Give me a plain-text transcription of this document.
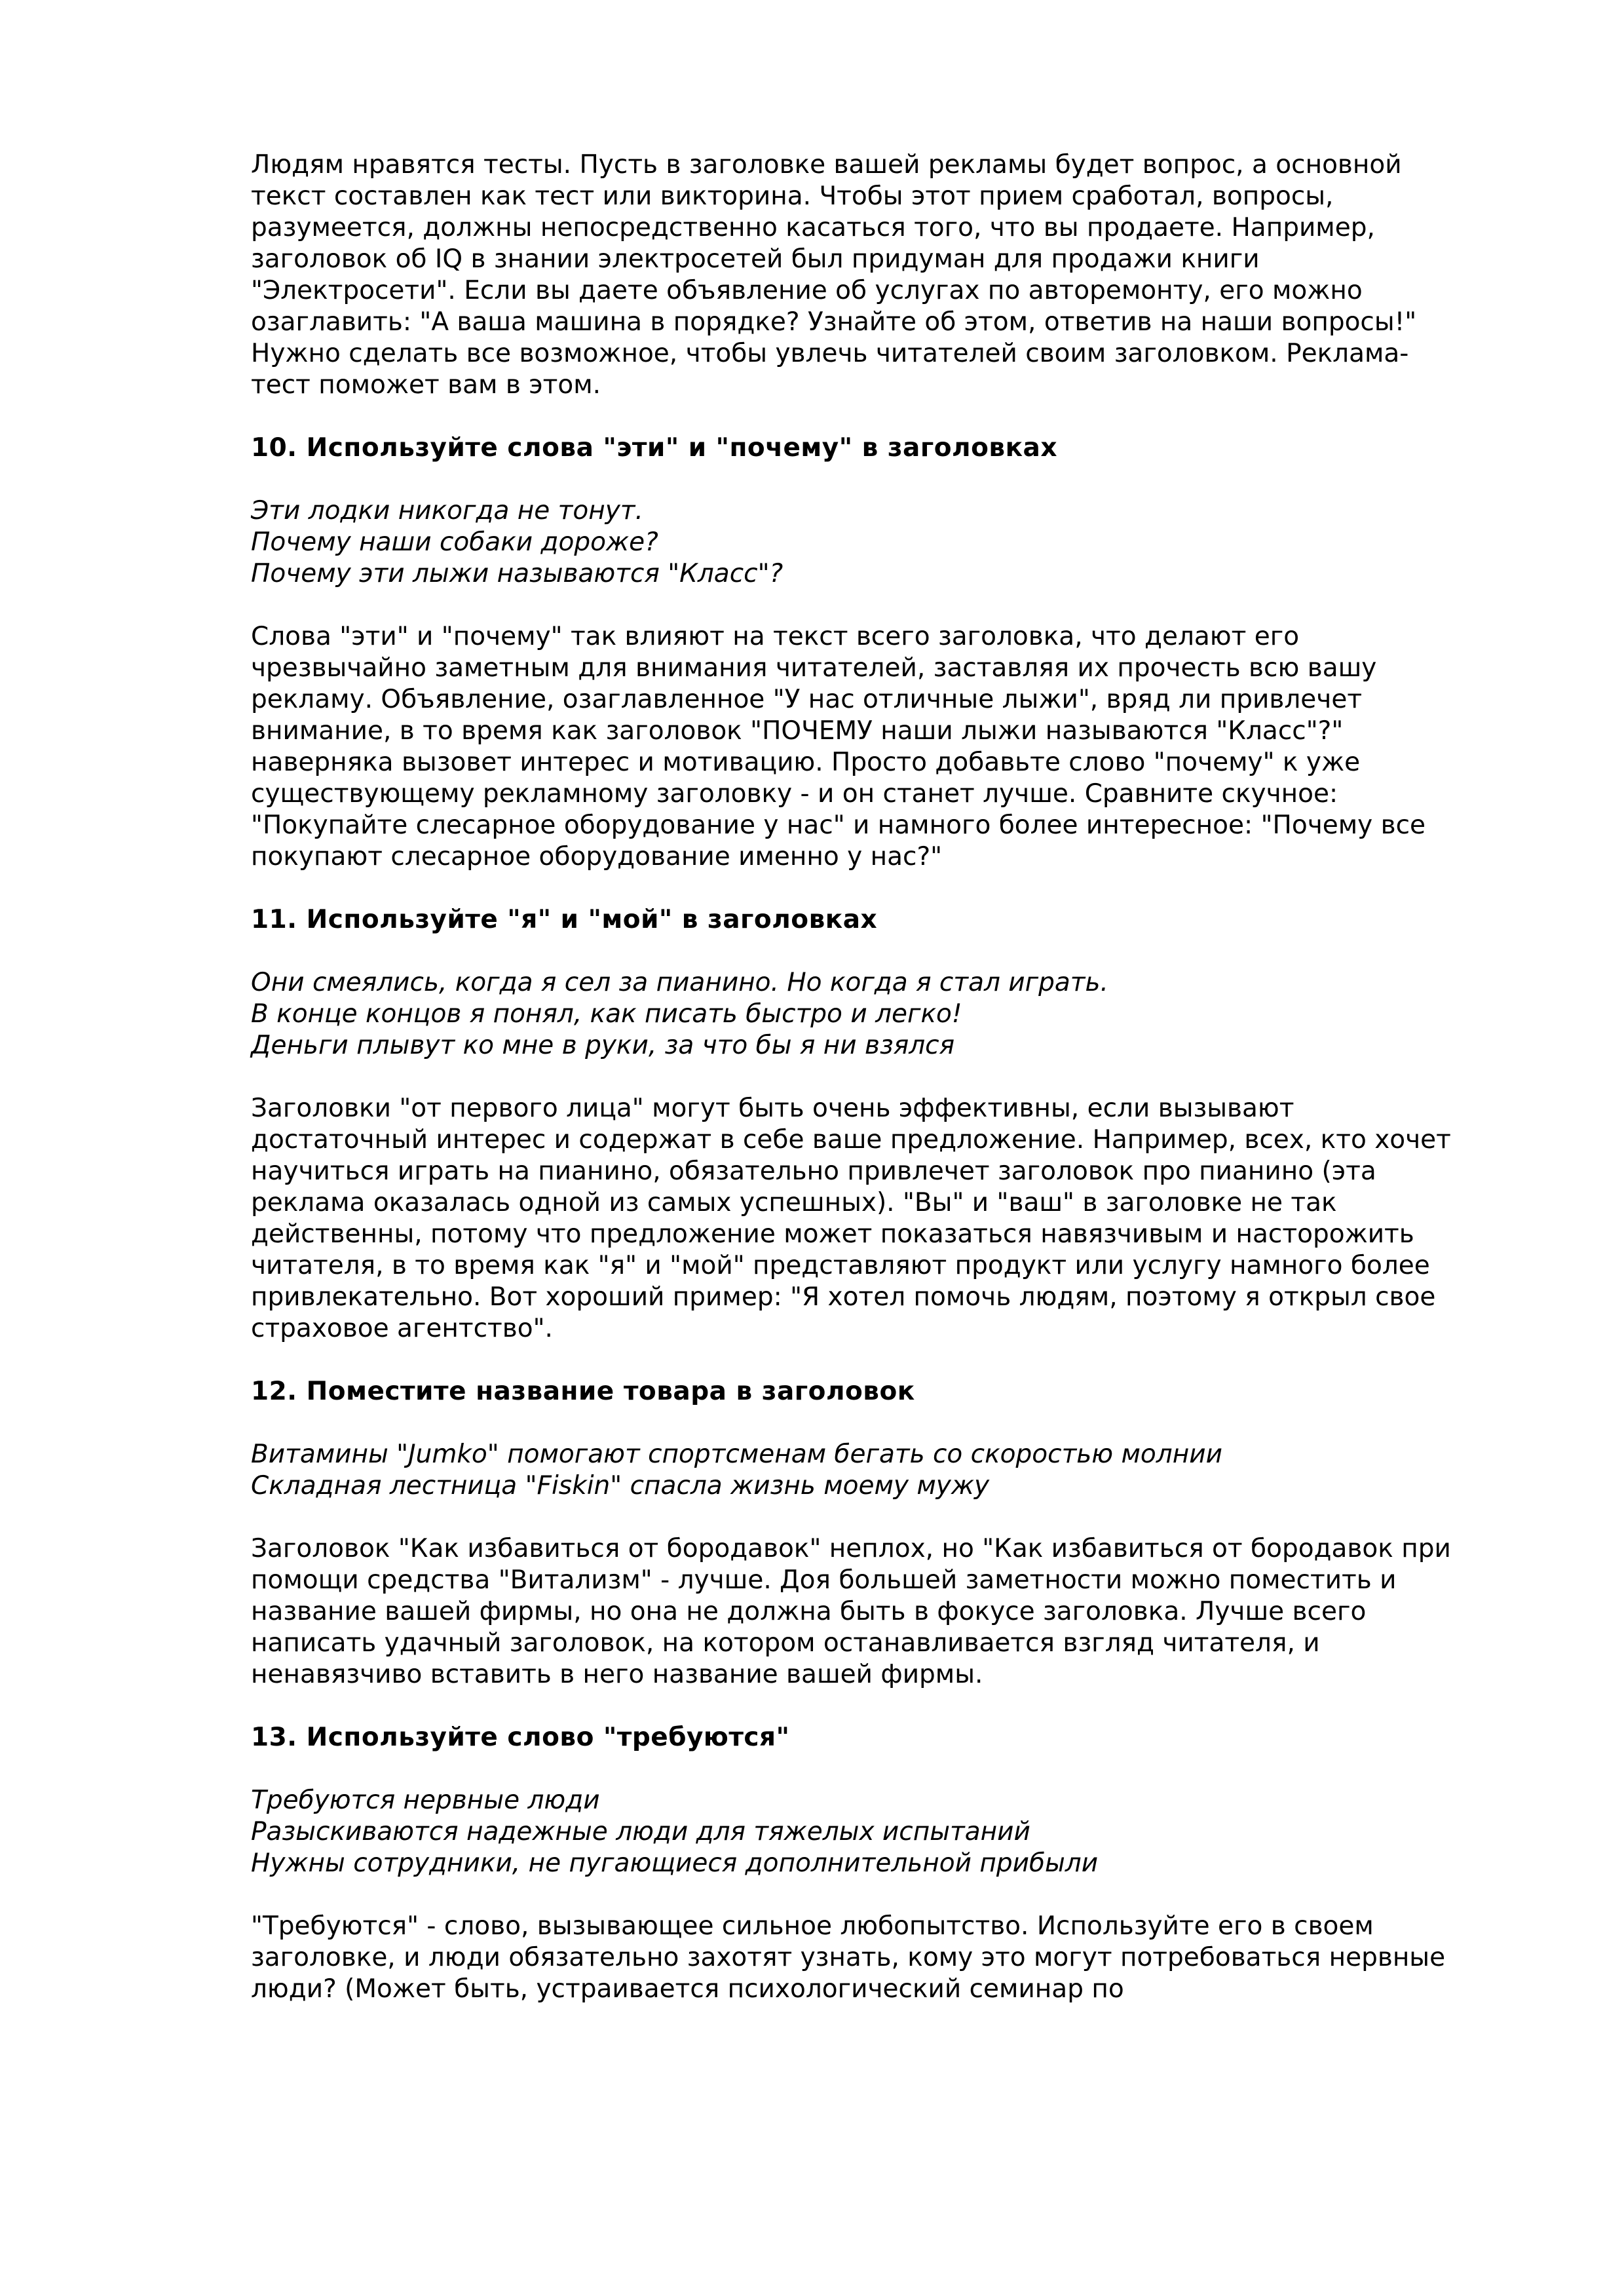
Людям нравятся тесты. Пусть в заголовке вашей рекламы будет вопрос, а основной текст составлен как тест или викторина. Чтобы этот прием сработал, вопросы, разумеется, должны непосредственно касаться того, что вы продаете. Например, заголовок об IQ в знании электросетей был придуман для продажи книги "Электросети". Если вы даете объявление об услугах по авторемонту, его можно озаглавить: "А ваша машина в порядке? Узнайте об этом, ответив на наши вопросы!" Нужно сделать все возможное, чтобы увлечь читателей своим заголовком. Реклама-тест поможет вам в этом.

10. Используйте слова "эти" и "почему" в заголовках

Эти лодки никогда не тонут.

Почему наши собаки дороже?

Почему эти лыжи называются "Класс"?

Слова "эти" и "почему" так влияют на текст всего заголовка, что делают его чрезвычайно заметным для внимания читателей, заставляя их прочесть всю вашу рекламу. Объявление, озаглавленное "У нас отличные лыжи", вряд ли привлечет внимание, в то время как заголовок "ПОЧЕМУ наши лыжи называются "Класс"?" наверняка вызовет интерес и мотивацию. Просто добавьте слово "почему" к уже существующему рекламному заголовку - и он станет лучше. Сравните скучное: "Покупайте слесарное оборудование у нас" и намного более интересное: "Почему все покупают слесарное оборудование именно у нас?"

11. Используйте "я" и "мой" в заголовках

Они смеялись, когда я сел за пианино. Но когда я стал играть.

В конце концов я понял, как писать быстро и легко!

Деньги плывут ко мне в руки, за что бы я ни взялся

Заголовки "от первого лица" могут быть очень эффективны, если вызывают достаточный интерес и содержат в себе ваше предложение. Например, всех, кто хочет научиться играть на пианино, обязательно привлечет заголовок про пианино (эта реклама оказалась одной из самых успешных). "Вы" и "ваш" в заголовке не так действенны, потому что предложение может показаться навязчивым и насторожить читателя, в то время как "я" и "мой" представляют продукт или услугу намного более привлекательно. Вот хороший пример: "Я хотел помочь людям, поэтому я открыл свое страховое агентство".

12. Поместите название товара в заголовок

Витамины "Jumko" помогают спортсменам бегать со скоростью молнии

Складная лестница "Fiskin" спасла жизнь моему мужу

Заголовок "Как избавиться от бородавок" неплох, но "Как избавиться от бородавок при помощи средства "Витализм" - лучше. Доя большей заметности можно поместить и название вашей фирмы, но она не должна быть в фокусе заголовка. Лучше всего написать удачный заголовок, на котором останавливается взгляд читателя, и ненавязчиво вставить в него название вашей фирмы.

13. Используйте слово "требуются"

Требуются нервные люди

Разыскиваются надежные люди для тяжелых испытаний

Нужны сотрудники, не пугающиеся дополнительной прибыли

"Требуются" - слово, вызывающее сильное любопытство. Используйте его в своем заголовке, и люди обязательно захотят узнать, кому это могут потребоваться нервные люди? (Может быть, устраивается психологический семинар по
